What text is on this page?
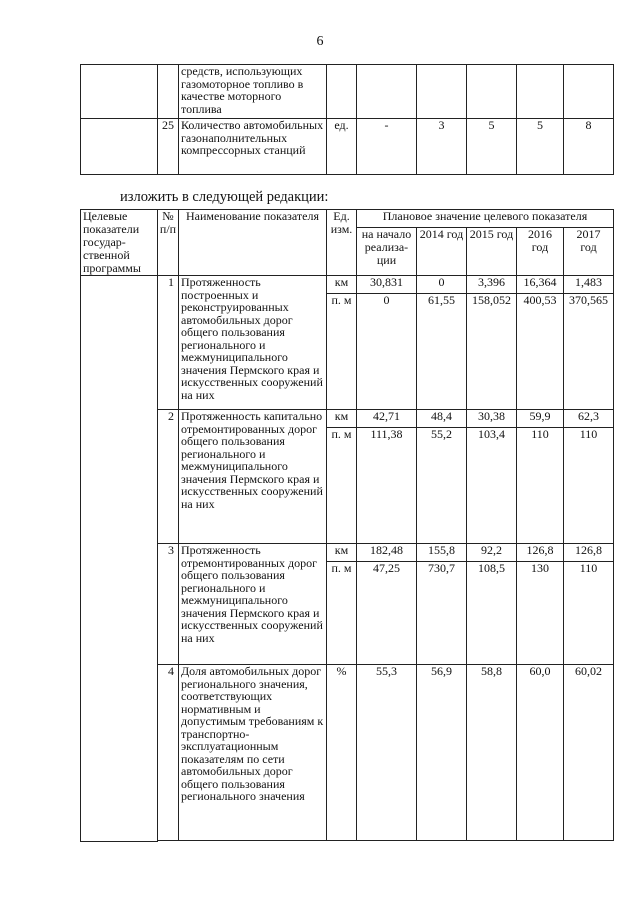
6
		средств, использующих газомоторное топливо в качестве моторного топлива						
	25	Количество автомобильных газонаполнительных компрессорных станций	ед.	-	3	5	5	8
изложить в следующей редакции:
Целевые показатели государ-ственной программы	№ п/п	Наименование показателя	Ед. изм.	Плановое значение целевого показателя				
				на начало реализа-ции	2014 год	2015 год	2016 год	2017 год
	1	Протяженность построенных и реконструированных автомобильных дорог общего пользования регионального и межмуниципального значения Пермского края и искусственных сооружений на них	км	30,831	0	3,396	16,364	1,483
			п. м	0	61,55	158,052	400,53	370,565
	2	Протяженность капитально отремонтированных дорог общего пользования регионального и межмуниципального значения Пермского края и искусственных сооружений на них	км	42,71	48,4	30,38	59,9	62,3
			п. м	111,38	55,2	103,4	110	110
	3	Протяженность отремонтированных дорог общего пользования регионального и межмуниципального значения Пермского края и искусственных сооружений на них	км	182,48	155,8	92,2	126,8	126,8
			п. м	47,25	730,7	108,5	130	110
	4	Доля автомобильных дорог регионального значения, соответствующих нормативным и допустимым требованиям к транспортно-эксплуатационным показателям по сети автомобильных дорог общего пользования регионального значения	%	55,3	56,9	58,8	60,0	60,02
